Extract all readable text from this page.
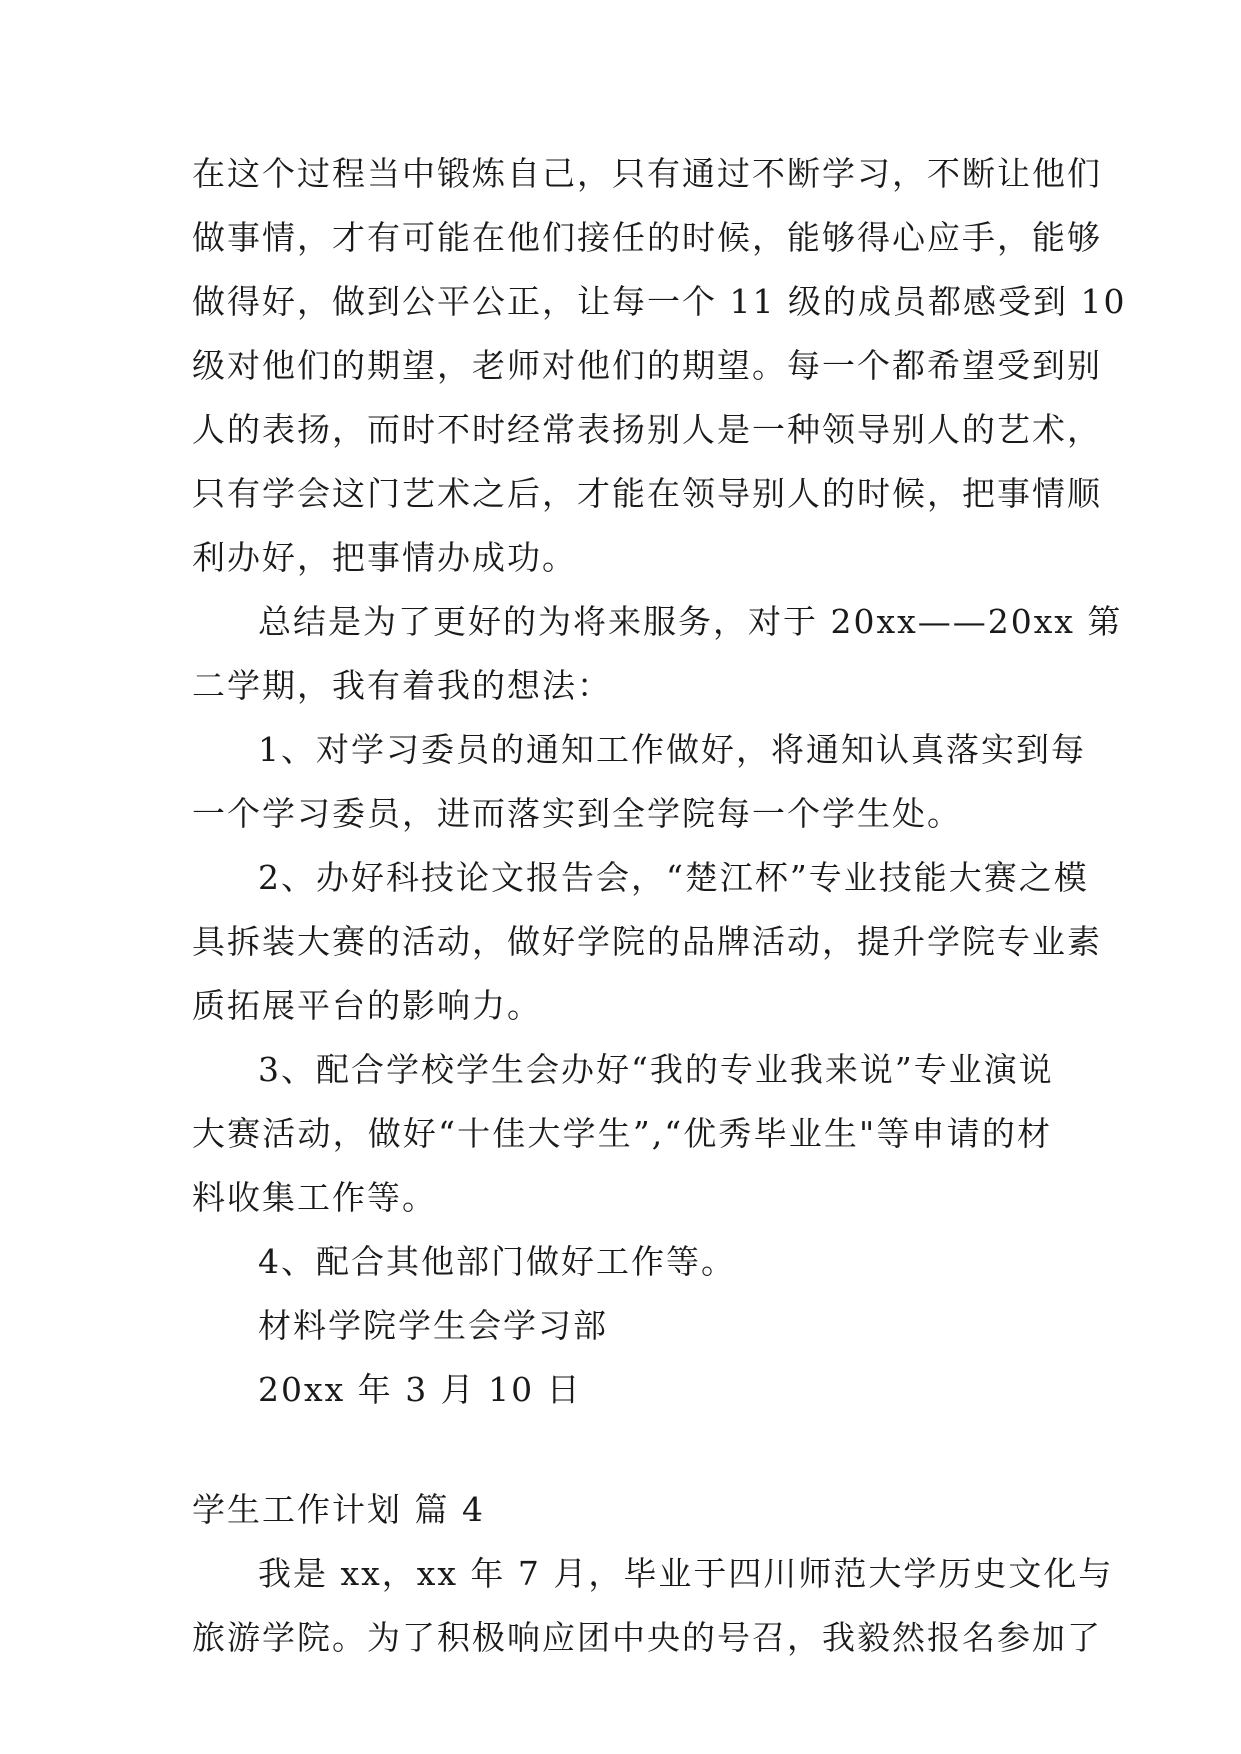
在这个过程当中锻炼自己，只有通过不断学习，不断让他们
做事情，才有可能在他们接任的时候，能够得心应手，能够
做得好，做到公平公正，让每一个 11 级的成员都感受到 10
级对他们的期望，老师对他们的期望。每一个都希望受到别
人的表扬，而时不时经常表扬别人是一种领导别人的艺术，
只有学会这门艺术之后，才能在领导别人的时候，把事情顺
利办好，把事情办成功。
总结是为了更好的为将来服务，对于 20xx——20xx 第
二学期，我有着我的想法：
1、对学习委员的通知工作做好，将通知认真落实到每
一个学习委员，进而落实到全学院每一个学生处。
2、办好科技论文报告会，“楚江杯”专业技能大赛之模
具拆装大赛的活动，做好学院的品牌活动，提升学院专业素
质拓展平台的影响力。
3、配合学校学生会办好“我的专业我来说”专业演说
大赛活动，做好“十佳大学生”,“优秀毕业生"等申请的材
料收集工作等。
4、配合其他部门做好工作等。
材料学院学生会学习部
20xx 年 3 月 10 日
学生工作计划 篇 4
我是 xx，xx 年 7 月，毕业于四川师范大学历史文化与
旅游学院。为了积极响应团中央的号召，我毅然报名参加了
